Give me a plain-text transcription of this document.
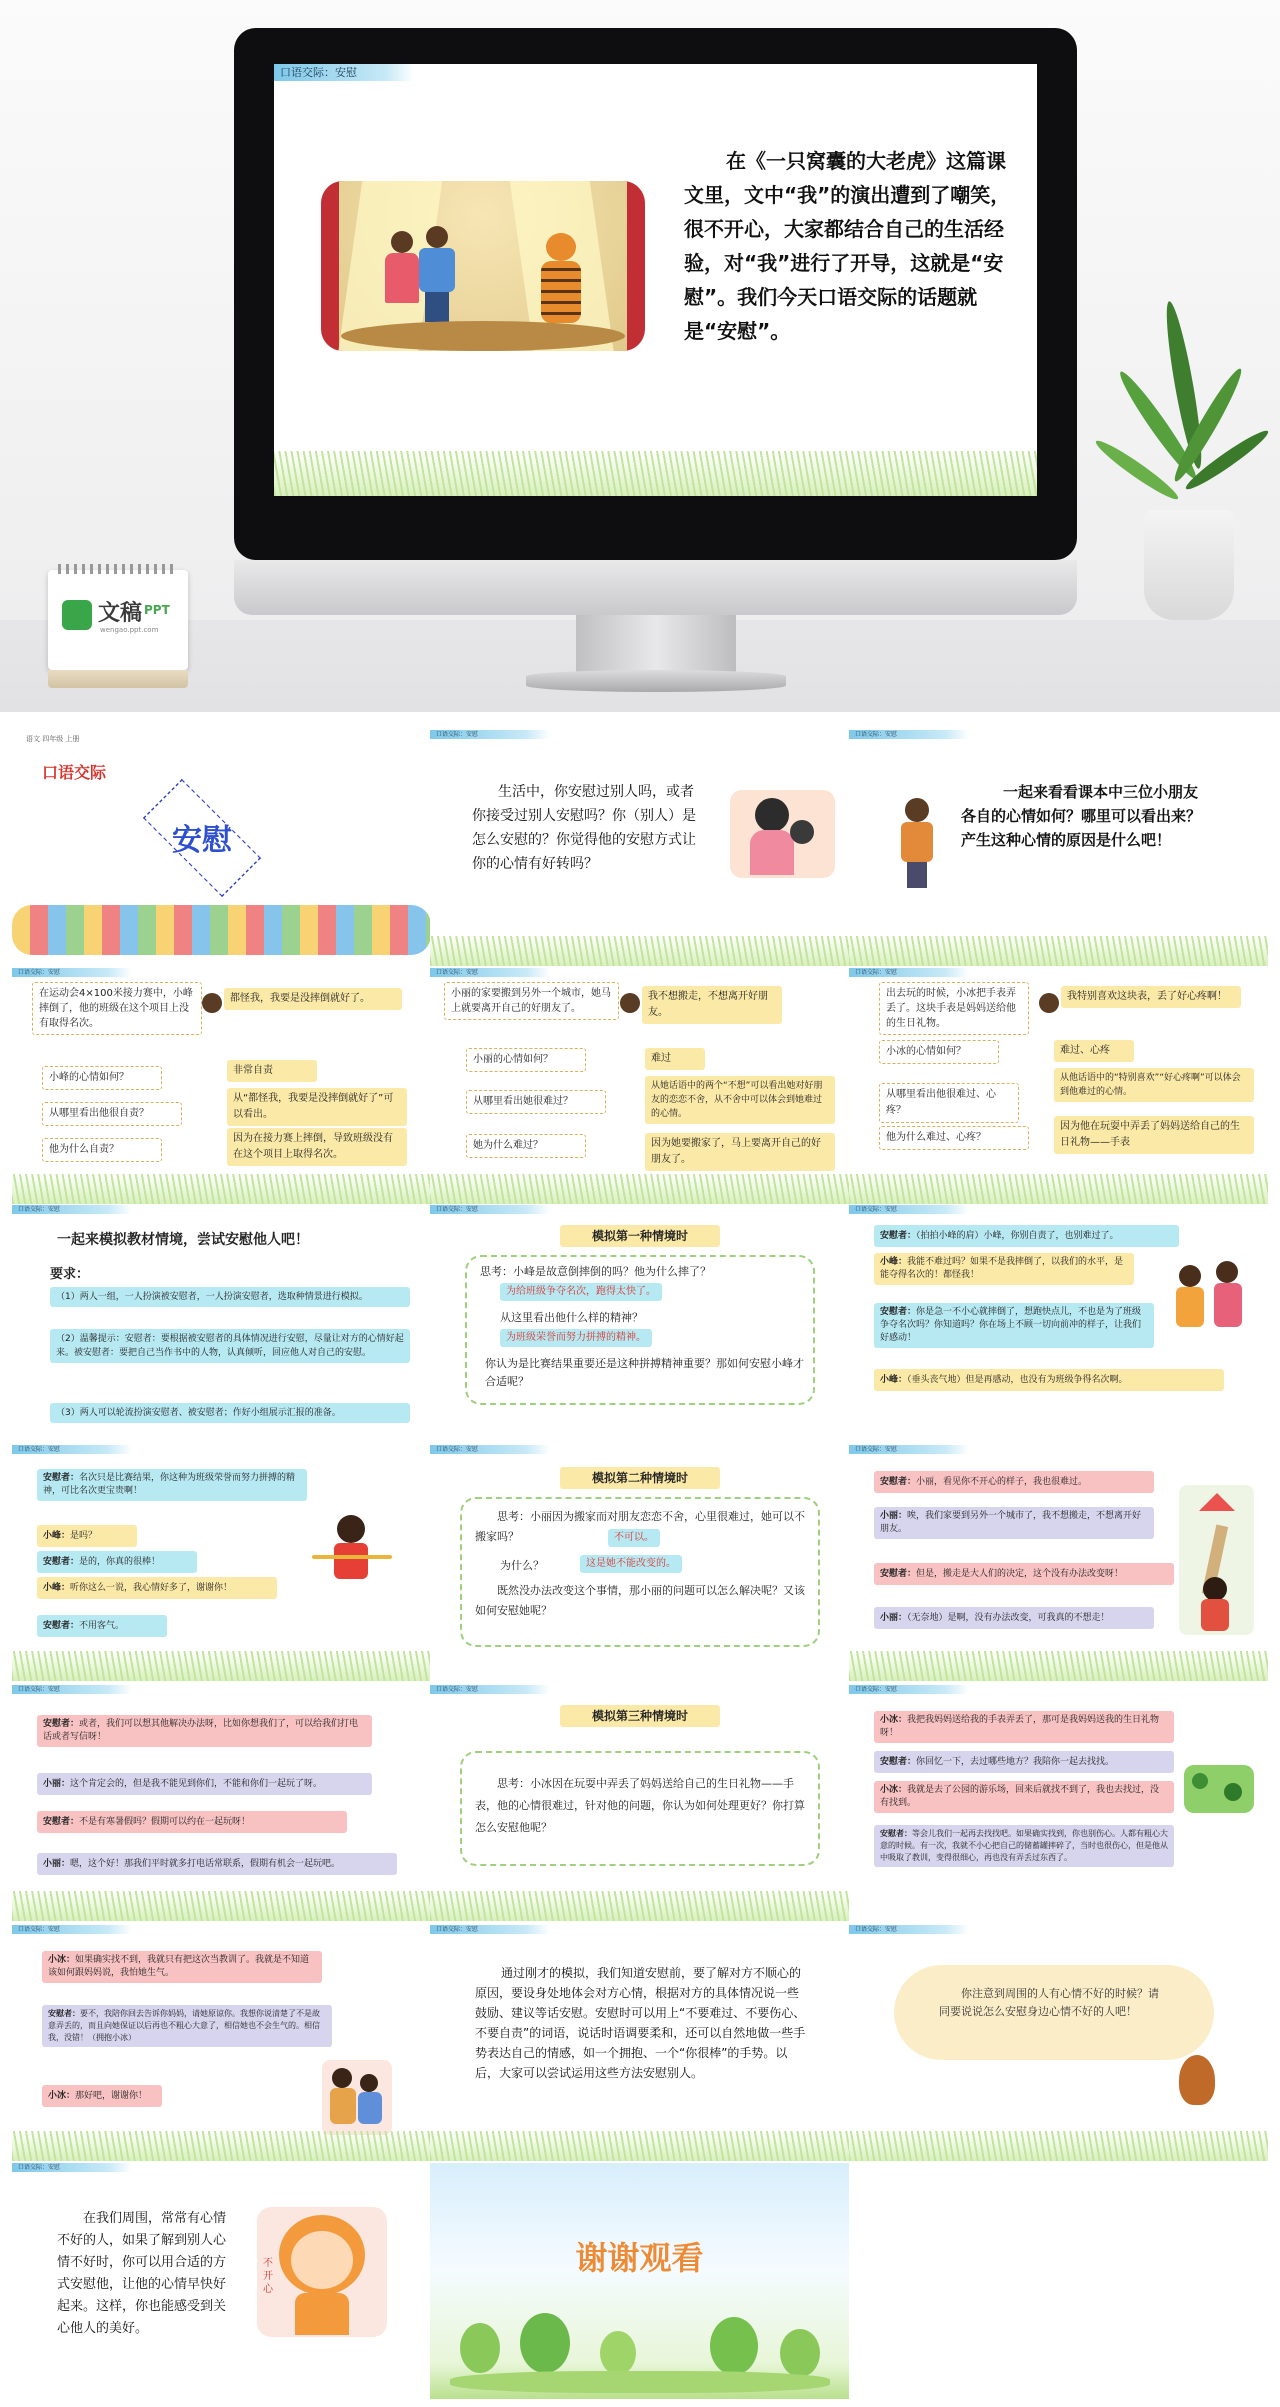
口语交际：安慰
在《一只窝囊的大老虎》这篇课文里，文中“我”的演出遭到了嘲笑，很不开心，大家都结合自己的生活经验，对“我”进行了开导，这就是“安慰”。我们今天口语交际的话题就是“安慰”。
文稿 PPT
wengao.ppt.com
语文 四年级 上册
口语交际
安慰
口语交际：安慰
生活中，你安慰过别人吗，或者你接受过别人安慰吗？你（别人）是怎么安慰的？你觉得他的安慰方式让你的心情有好转吗？
口语交际：安慰
一起来看看课本中三位小朋友各自的心情如何？哪里可以看出来？产生这种心情的原因是什么吧！
口语交际：安慰
在运动会4×100米接力赛中，小峰摔倒了，他的班级在这个项目上没有取得名次。
都怪我，我要是没摔倒就好了。
小峰的心情如何？
从哪里看出他很自责？
他为什么自责？
非常自责
从“都怪我，我要是没摔倒就好了”可以看出。
因为在接力赛上摔倒，导致班级没有在这个项目上取得名次。
口语交际：安慰
小丽的家要搬到另外一个城市，她马上就要离开自己的好朋友了。
我不想搬走，不想离开好朋友。
小丽的心情如何？
从哪里看出她很难过？
她为什么难过？
难过
从她话语中的两个“不想”可以看出她对好朋友的恋恋不舍，从不舍中可以体会到她难过的心情。
因为她要搬家了，马上要离开自己的好朋友了。
口语交际：安慰
出去玩的时候，小冰把手表弄丢了。这块手表是妈妈送给他的生日礼物。
我特别喜欢这块表，丢了好心疼啊！
小冰的心情如何？
从哪里看出他很难过、心疼？
他为什么难过、心疼？
难过、心疼
从他话语中的“特别喜欢”“好心疼啊”可以体会到他难过的心情。
因为他在玩耍中弄丢了妈妈送给自己的生日礼物——手表
口语交际：安慰
一起来模拟教材情境，尝试安慰他人吧！
要求：
（1）两人一组，一人扮演被安慰者，一人扮演安慰者，选取种情景进行模拟。
（2）温馨提示：安慰者：要根据被安慰者的具体情况进行安慰，尽量让对方的心情好起来。被安慰者：要把自己当作书中的人物，认真倾听，回应他人对自己的安慰。
（3）两人可以轮流扮演安慰者、被安慰者；作好小组展示汇报的准备。
口语交际：安慰
模拟第一种情境时
思考：小峰是故意倒摔倒的吗？他为什么摔了？
为给班级争夺名次，跑得太快了。
从这里看出他什么样的精神？
为班级荣誉而努力拼搏的精神。
你认为是比赛结果重要还是这种拼搏精神重要？那如何安慰小峰才合适呢？
口语交际：安慰
安慰者：（拍拍小峰的肩）小峰，你别自责了，也别难过了。
小峰：我能不难过吗？如果不是我摔倒了，以我们的水平，是能夺得名次的！都怪我！
安慰者：你是急一不小心就摔倒了，想跑快点儿，不也是为了班级争夺名次吗？你知道吗？你在场上不顾一切向前冲的样子，让我们好感动！
小峰：（垂头丧气地）但是再感动，也没有为班级争得名次啊。
口语交际：安慰
安慰者：名次只是比赛结果，你这种为班级荣誉而努力拼搏的精神，可比名次更宝贵啊！
小峰：是吗？
安慰者：是的，你真的很棒！
小峰：听你这么一说，我心情好多了，谢谢你！
安慰者：不用客气。
口语交际：安慰
模拟第二种情境时
思考：小丽因为搬家而对朋友恋恋不舍，心里很难过，她可以不搬家吗？	不可以。
为什么？	这是她不能改变的。
既然没办法改变这个事情，那小丽的问题可以怎么解决呢？又该如何安慰她呢？
口语交际：安慰
安慰者：小丽，看见你不开心的样子，我也很难过。
小丽：唉，我们家要到另外一个城市了，我不想搬走，不想离开好朋友。
安慰者：但是，搬走是大人们的决定，这个没有办法改变呀！
小丽：（无奈地）是啊，没有办法改变，可我真的不想走！
口语交际：安慰
安慰者：或者，我们可以想其他解决办法呀，比如你想我们了，可以给我们打电话或者写信呀！
小丽：这个肯定会的，但是我不能见到你们，不能和你们一起玩了呀。
安慰者：不是有寒暑假吗？假期可以约在一起玩呀！
小丽：嗯，这个好！那我们平时就多打电话常联系，假期有机会一起玩吧。
口语交际：安慰
模拟第三种情境时
思考：小冰因在玩耍中弄丢了妈妈送给自己的生日礼物——手表，他的心情很难过，针对他的问题，你认为如何处理更好？你打算怎么安慰他呢？
口语交际：安慰
小冰：我把我妈妈送给我的手表弄丢了，那可是我妈妈送我的生日礼物呀！
安慰者：你回忆一下，去过哪些地方？我陪你一起去找找。
小冰：我就是去了公园的游乐场，回来后就找不到了，我也去找过，没有找到。
安慰者：等会儿我们一起再去找找吧。如果确实找到，你也别伤心。人都有粗心大意的时候。有一次，我就不小心把自己的储蓄罐摔碎了，当时也很伤心，但是他从中吸取了教训，变得很细心，再也没有弄丢过东西了。
口语交际：安慰
小冰：如果确实找不到，我就只有把这次当教训了。我就是不知道该如何跟妈妈说，我怕她生气。
安慰者：要不，我陪你回去告诉你妈妈，请她原谅你。我想你说清楚了不是故意弄丢的，而且向她保证以后再也不粗心大意了，相信她也不会生气的。相信我，没错！（拥抱小冰）
小冰：那好吧，谢谢你！
口语交际：安慰
通过刚才的模拟，我们知道安慰前，要了解对方不顺心的原因，要设身处地体会对方心情，根据对方的具体情况说一些鼓励、建议等话安慰。安慰时可以用上“不要难过、不要伤心、不要自责”的词语，说话时语调要柔和，还可以自然地做一些手势表达自己的情感，如一个拥抱、一个“你很棒”的手势。以后，大家可以尝试运用这些方法安慰别人。
口语交际：安慰
你注意到周围的人有心情不好的时候？请同要说说怎么安慰身边心情不好的人吧！
口语交际：安慰
在我们周围，常常有心情不好的人，如果了解到别人心情不好时，你可以用合适的方式安慰他，让他的心情早快好起来。这样，你也能感受到关心他人的美好。
不开心
谢谢观看
